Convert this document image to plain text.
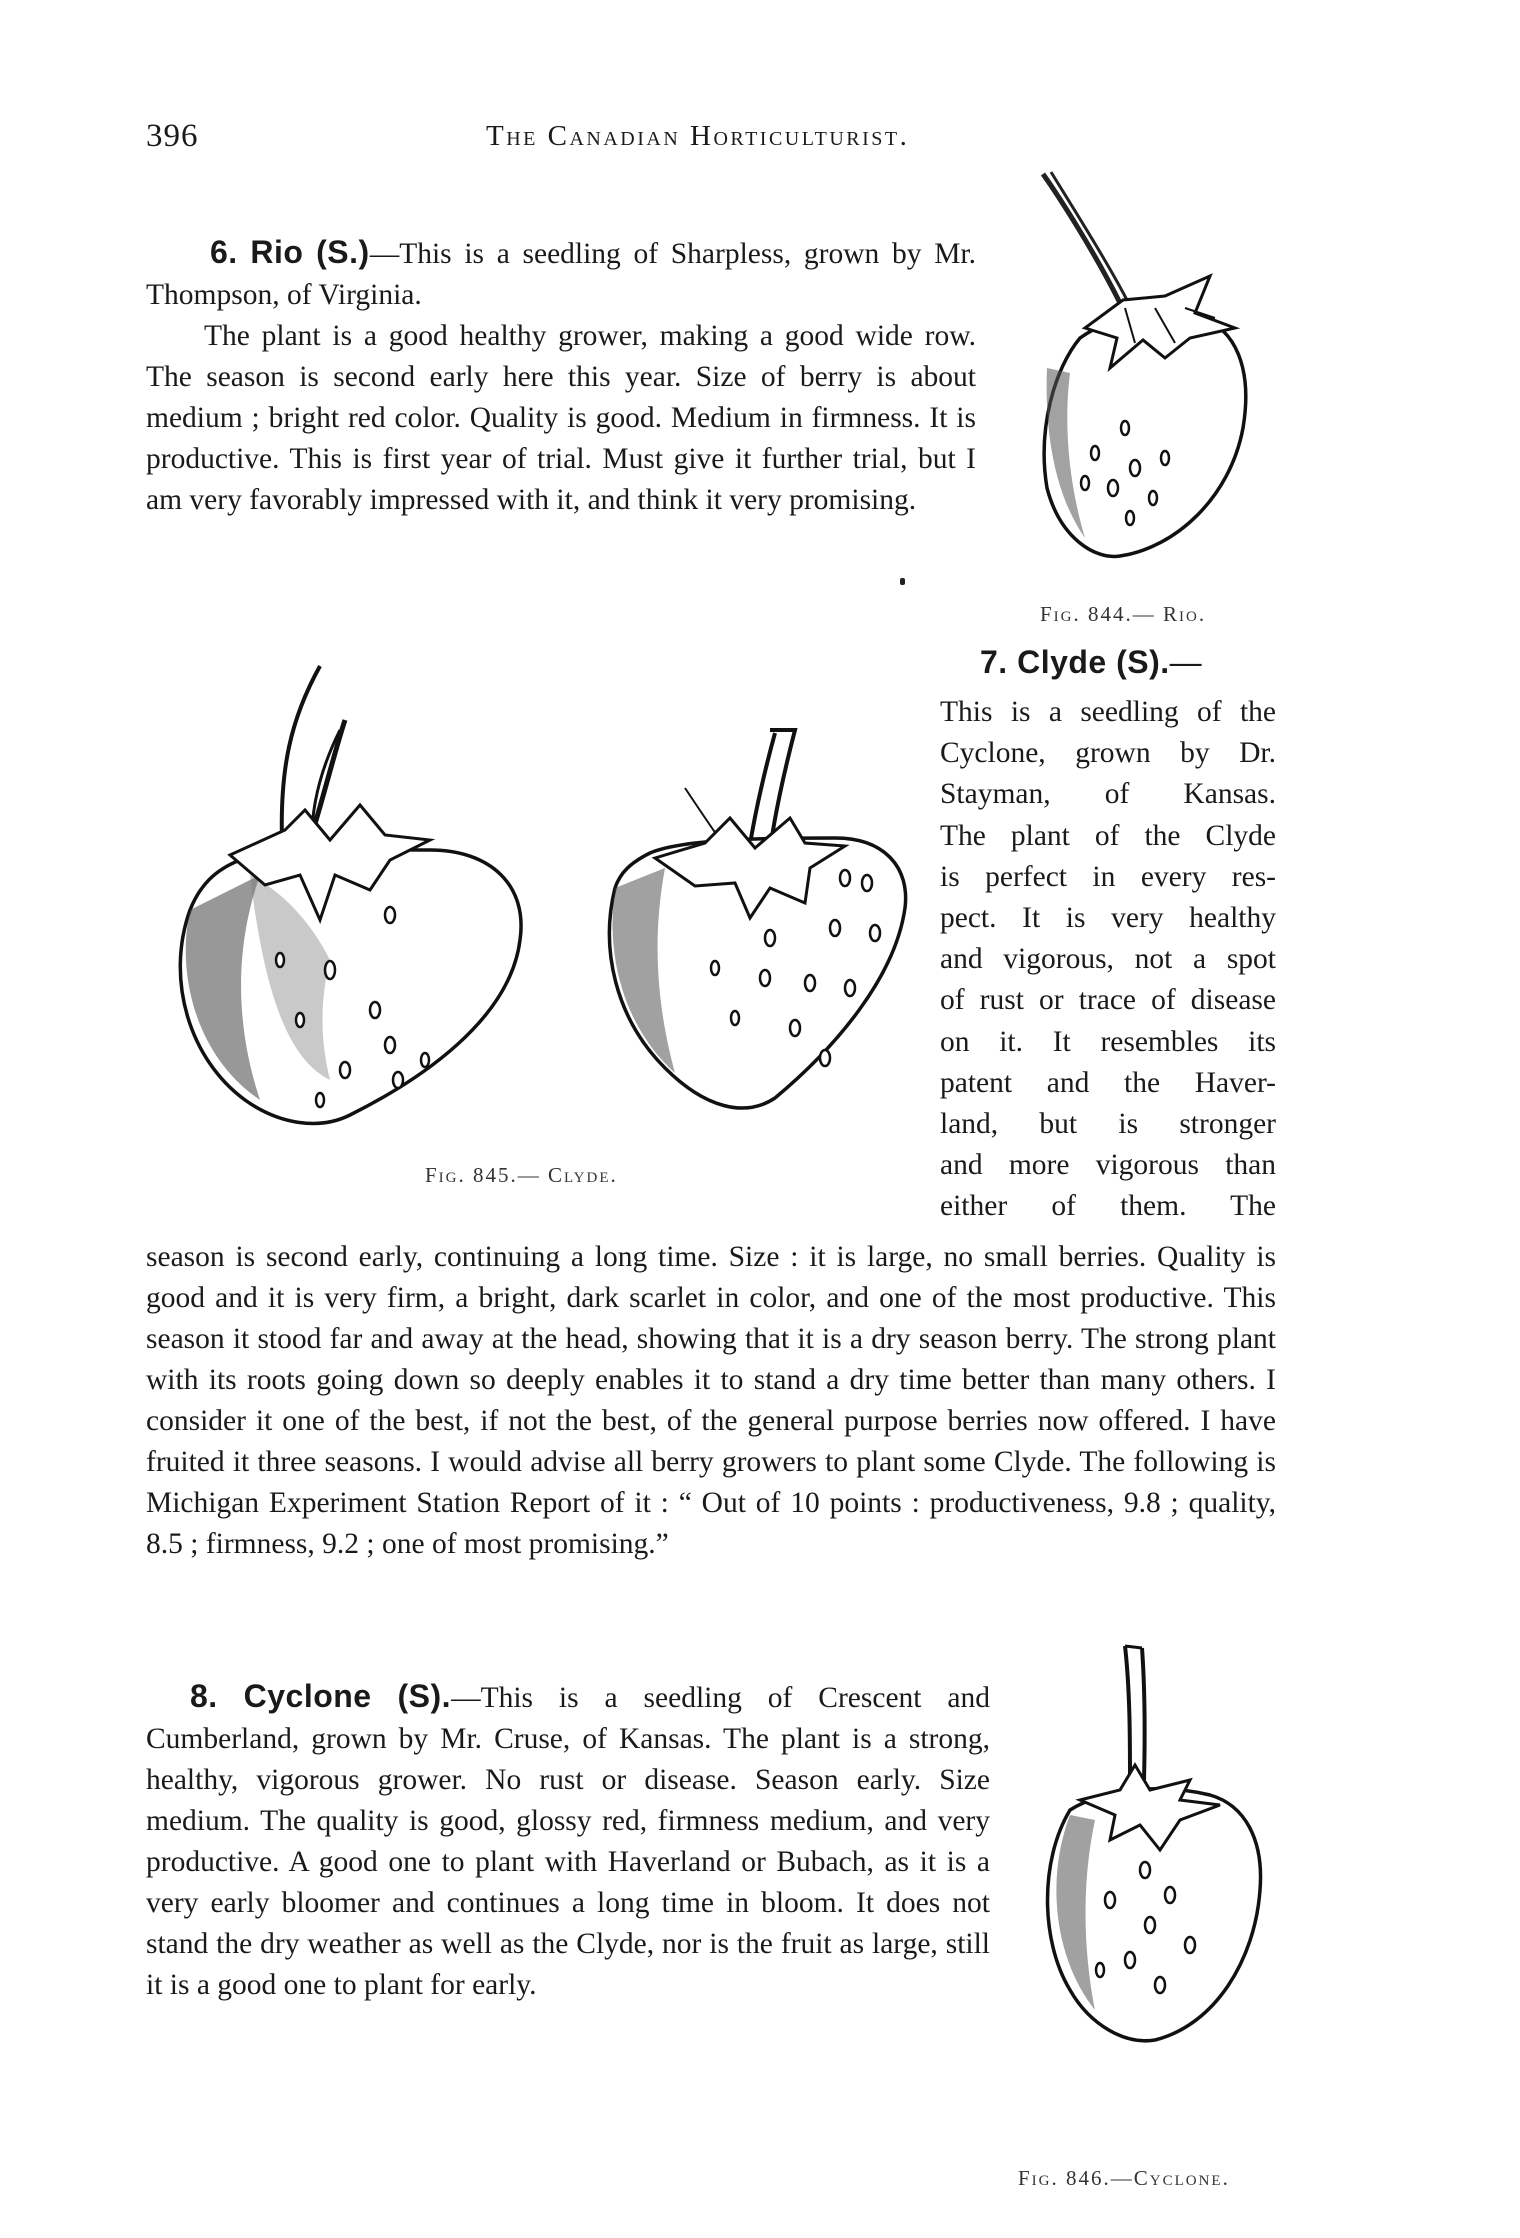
396	The Canadian Horticulturist.

6. Rio (S.)—This is a seedling of Sharpless, grown by Mr. Thompson, of Virginia.

The plant is a good healthy grower, making a good wide row. The season is second early here this year. Size of berry is about medium ; bright red color. Quality is good. Medium in firmness. It is productive. This is first year of trial. Must give it further trial, but I am very favorably impressed with it, and think it very promising.

Fig. 844.— Rio.
Fig. 845.— Clyde.
7. Clyde (S).—
This is a seedling of the
Cyclone, grown by Dr.
Stayman, of Kansas.
The plant of the Clyde
is perfect in every res-
pect. It is very healthy
and vigorous, not a spot
of rust or trace of disease
on it. It resembles its
patent and the Haver-
land, but is stronger
and more vigorous than
either of them. The
season is second early, continuing a long time. Size : it is large, no small berries. Quality is good and it is very firm, a bright, dark scarlet in color, and one of the most productive. This season it stood far and away at the head, showing that it is a dry season berry. The strong plant with its roots going down so deeply enables it to stand a dry time better than many others. I consider it one of the best, if not the best, of the general purpose berries now offered. I have fruited it three seasons. I would advise all berry growers to plant some Clyde. The following is Michigan Experiment Station Report of it : “ Out of 10 points : productiveness, 9.8 ; quality, 8.5 ; firmness, 9.2 ; one of most promising.”

8. Cyclone (S).—This is a seedling of Crescent and Cumberland, grown by Mr. Cruse, of Kansas. The plant is a strong, healthy, vigorous grower. No rust or disease. Season early. Size medium. The quality is good, glossy red, firmness medium, and very productive. A good one to plant with Haverland or Bubach, as it is a very early bloomer and continues a long time in bloom. It does not stand the dry weather as well as the Clyde, nor is the fruit as large, still it is a good one to plant for early.

Fig. 846.—Cyclone.
